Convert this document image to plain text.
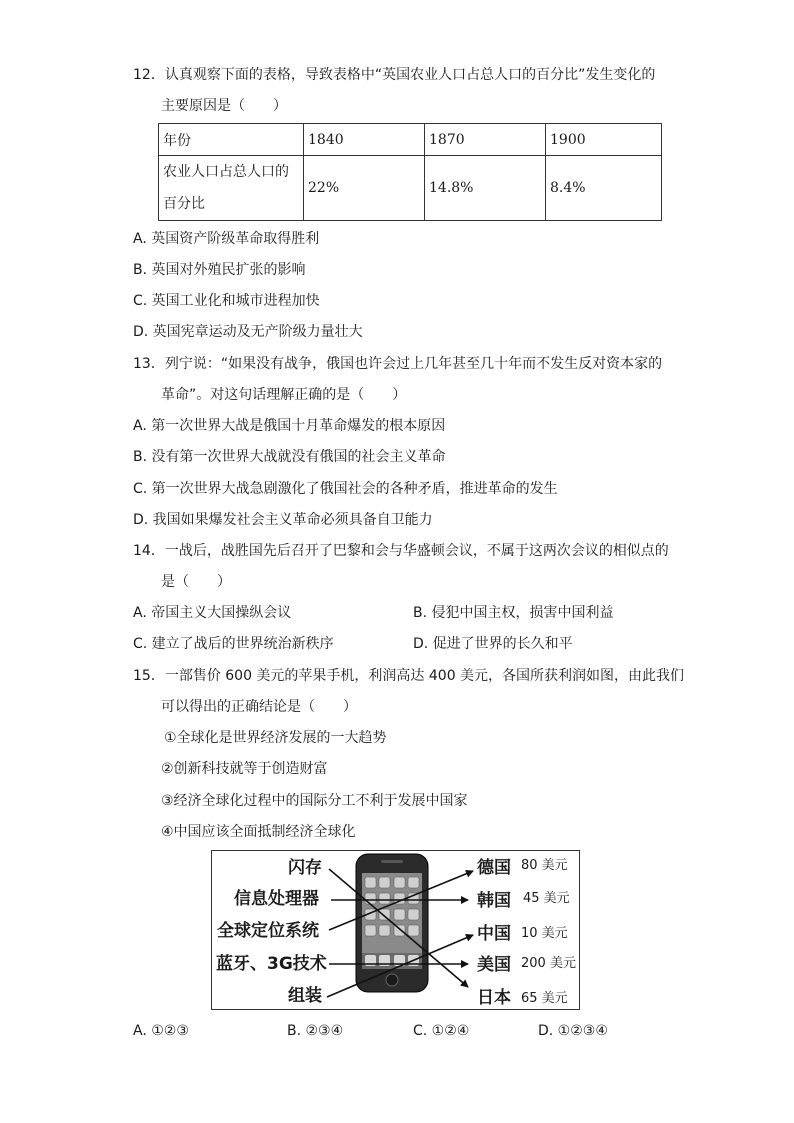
12．认真观察下面的表格，导致表格中“英国农业人口占总人口的百分比”发生变化的
主要原因是（　　）
年份	1840	1870	1900

农业人口占总人口的
百分比	22%	14.8%	8.4%
A. 英国资产阶级革命取得胜利
B. 英国对外殖民扩张的影响
C. 英国工业化和城市进程加快
D. 英国宪章运动及无产阶级力量壮大
13．列宁说：“如果没有战争，俄国也许会过上几年甚至几十年而不发生反对资本家的
革命”。对这句话理解正确的是（　　）
A. 第一次世界大战是俄国十月革命爆发的根本原因
B. 没有第一次世界大战就没有俄国的社会主义革命
C. 第一次世界大战急剧激化了俄国社会的各种矛盾，推进革命的发生
D. 我国如果爆发社会主义革命必须具备自卫能力
14．一战后，战胜国先后召开了巴黎和会与华盛顿会议，不属于这两次会议的相似点的
是（　　）
A. 帝国主义大国操纵会议	B. 侵犯中国主权，损害中国利益
C. 建立了战后的世界统治新秩序	D. 促进了世界的长久和平
15．一部售价 600 美元的苹果手机，利润高达 400 美元，各国所获利润如图，由此我们
可以得出的正确结论是（　　）
①全球化是世界经济发展的一大趋势
②创新科技就等于创造财富
③经济全球化过程中的国际分工不利于发展中国家
④中国应该全面抵制经济全球化
闪存
信息处理器
全球定位系统
蓝牙、3G技术
组装
德国
韩国
中国
美国
日本
80 美元
45 美元
10 美元
200 美元
65 美元
A. ①②③	B. ②③④	C. ①②④	D. ①②③④
